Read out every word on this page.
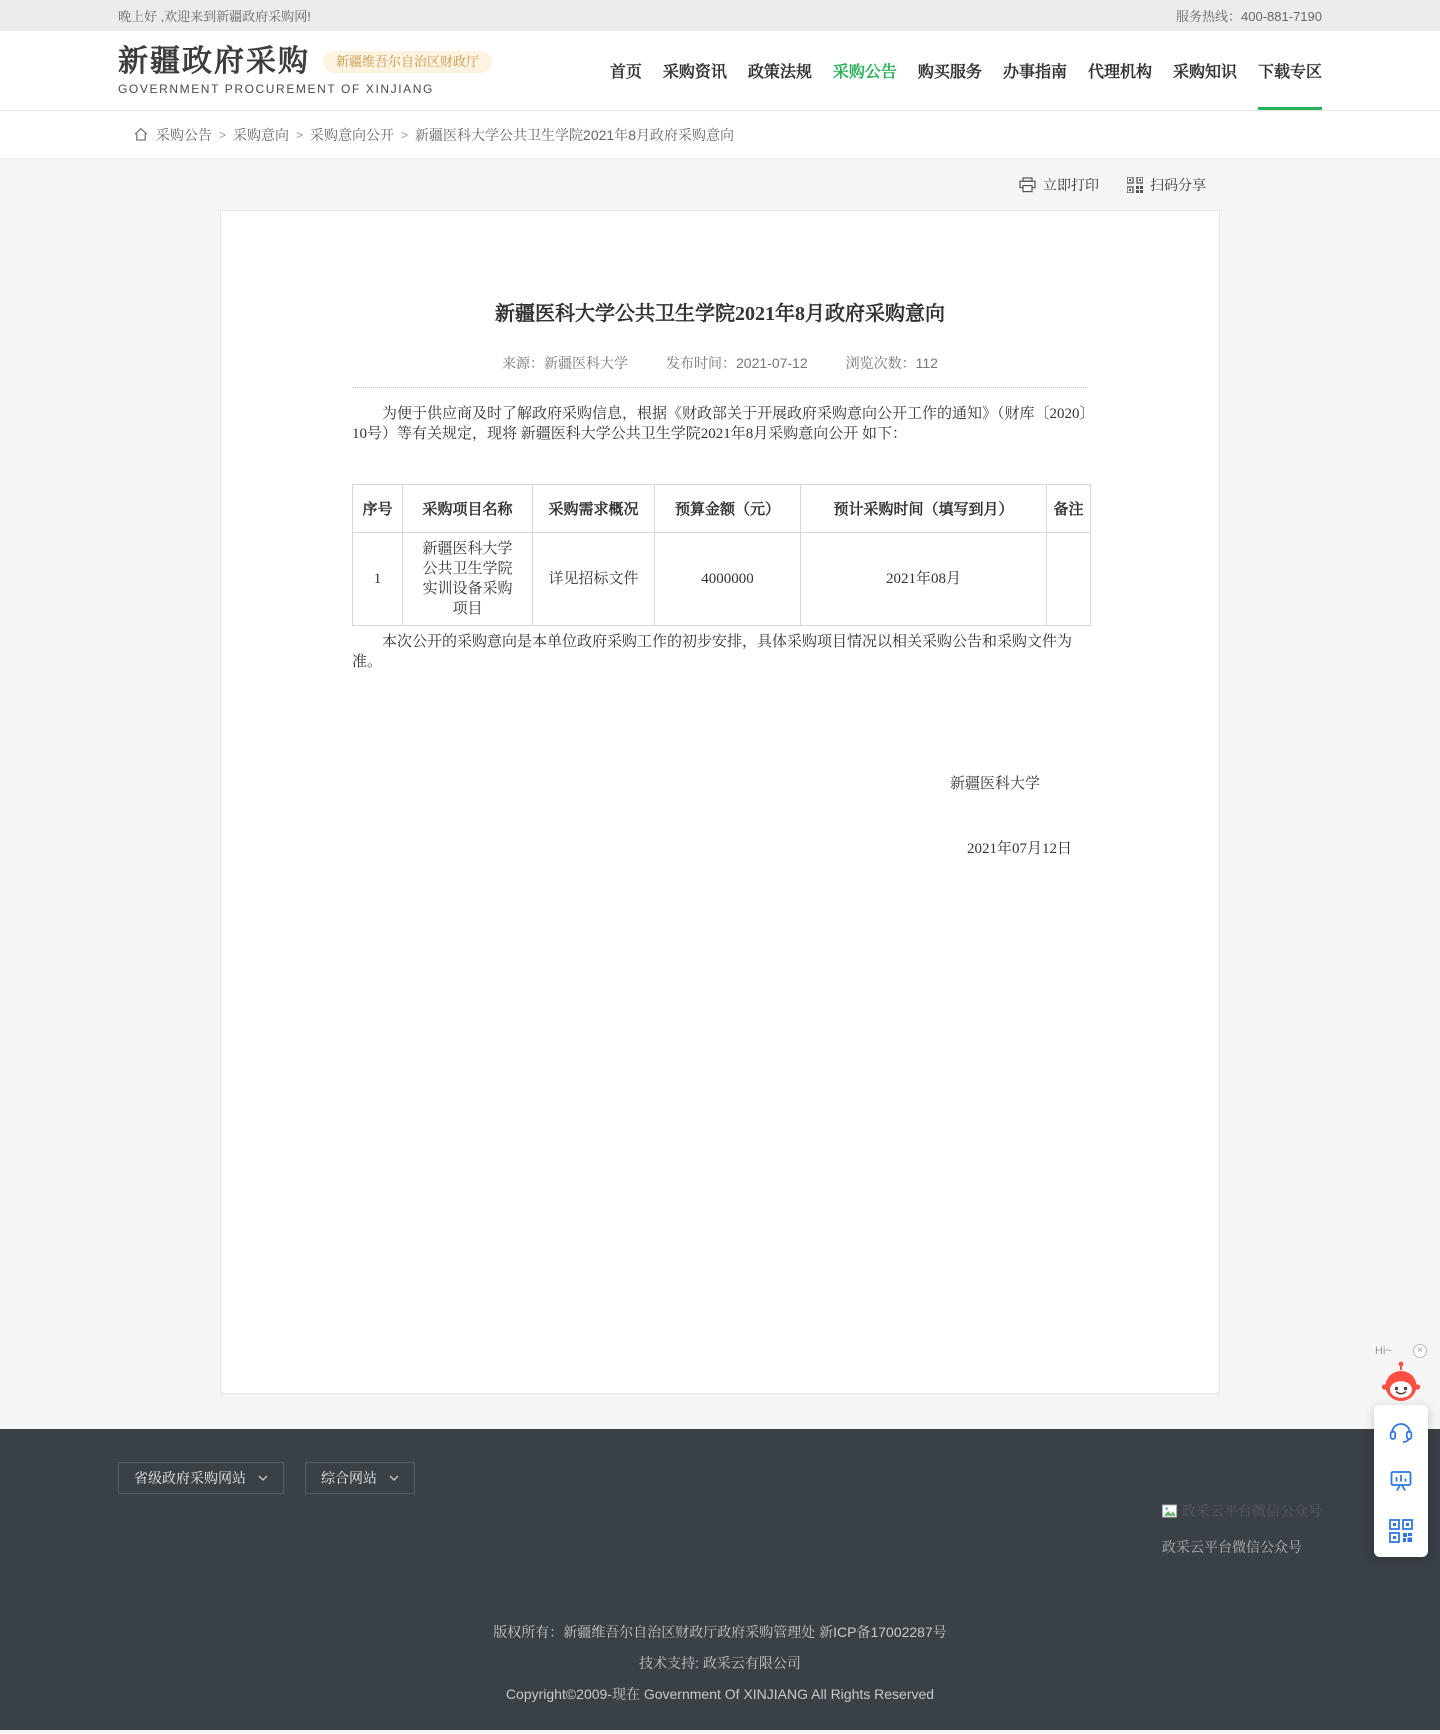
晚上好 ,欢迎来到新疆政府采购网!	服务热线：400-881-7190
新疆政府采购	新疆维吾尔自治区财政厅
GOVERNMENT PROCUREMENT OF XINJIANG
首页 采购资讯 政策法规 采购公告 购买服务 办事指南 代理机构 采购知识 下载专区
采购公告 > 采购意向 > 采购意向公开 > 新疆医科大学公共卫生学院2021年8月政府采购意向
立即打印	扫码分享
新疆医科大学公共卫生学院2021年8月政府采购意向
来源：新疆医科大学	发布时间：2021-07-12	浏览次数：112

为便于供应商及时了解政府采购信息，根据《财政部关于开展政府采购意向公开工作的通知》（财库〔2020〕10号）等有关规定，现将 新疆医科大学公共卫生学院2021年8月采购意向公开 如下：

序号	采购项目名称	采购需求概况	预算金额（元）	预计采购时间（填写到月）	备注
1	新疆医科大学公共卫生学院实训设备采购项目	详见招标文件	4000000	2021年08月	

本次公开的采购意向是本单位政府采购工作的初步安排，具体采购项目情况以相关采购公告和采购文件为准。

新疆医科大学
2021年07月12日
省级政府采购网站	综合网站
政采云平台微信公众号
政采云平台微信公众号

版权所有：新疆维吾尔自治区财政厅政府采购管理处 新ICP备17002287号

技术支持: 政采云有限公司

Copyright©2009-现在 Government Of XINJIANG All Rights Reserved

Hi~	×
